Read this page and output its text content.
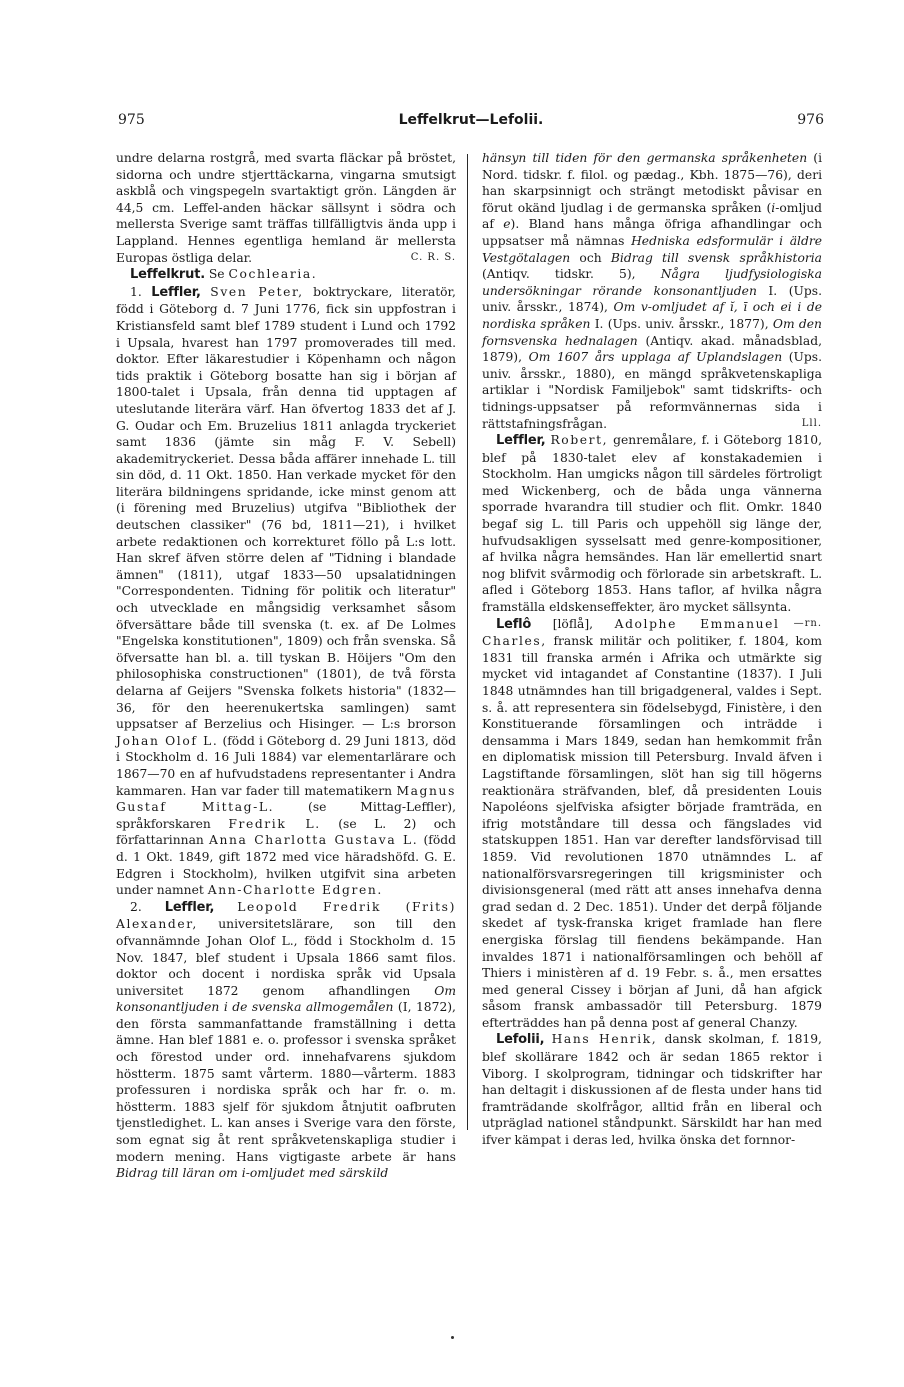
975	Leffelkrut—Lefolii.	976

undre delarna rostgrå, med svarta fläckar på bröstet, sidorna och undre stjerttäckarna, vingarna smutsigt askblå och vingspegeln svartaktigt grön. Längden är 44,5 cm. Leffel-anden häckar sällsynt i södra och mellersta Sverige samt träffas tillfälligtvis ända upp i Lappland. Hennes egentliga hemland är mellersta Europas östliga delar.	C. R. S.

Leffelkrut. Se Cochlearia.

1. Leffler, Sven Peter, boktryckare, literatör, född i Göteborg d. 7 Juni 1776, fick sin uppfostran i Kristiansfeld samt blef 1789 student i Lund och 1792 i Upsala, hvarest han 1797 promoverades till med. doktor. Efter läkarestudier i Köpenhamn och någon tids praktik i Göteborg bosatte han sig i början af 1800-talet i Upsala, från denna tid upptagen af uteslutande literära värf. Han öfvertog 1833 det af J. G. Oudar och Em. Bruzelius 1811 anlagda tryckeriet samt 1836 (jämte sin måg F. V. Sebell) akademitryckeriet. Dessa båda affärer innehade L. till sin död, d. 11 Okt. 1850. Han verkade mycket för den literära bildningens spridande, icke minst genom att (i förening med Bruzelius) utgifva "Bibliothek der deutschen classiker" (76 bd, 1811—21), i hvilket arbete redaktionen och korrekturet föllo på L:s lott. Han skref äfven större delen af "Tidning i blandade ämnen" (1811), utgaf 1833—50 upsalatidningen "Correspondenten. Tidning för politik och literatur" och utvecklade en mångsidig verksamhet såsom öfversättare både till svenska (t. ex. af De Lolmes "Engelska konstitutionen", 1809) och från svenska. Så öfversatte han bl. a. till tyskan B. Höijers "Om den philosophiska constructionen" (1801), de två första delarna af Geijers "Svenska folkets historia" (1832—36, för den heerenukertska samlingen) samt uppsatser af Berzelius och Hisinger. — L:s brorson Johan Olof L. (född i Göteborg d. 29 Juni 1813, död i Stockholm d. 16 Juli 1884) var elementarlärare och 1867—70 en af hufvudstadens representanter i Andra kammaren. Han var fader till matematikern Magnus Gustaf Mittag-L.	(se Mittag-Leffler), språkforskaren Fredrik L. (se L. 2) och författarinnan Anna Charlotta Gustava L. (född d. 1 Okt. 1849, gift 1872 med vice häradshöfd. G. E. Edgren i Stockholm), hvilken utgifvit sina arbeten under namnet Ann-Charlotte Edgren.

2. Leffler, Leopold Fredrik (Frits) Alexander, universitetslärare, son till den ofvannämnde Johan Olof L., född i Stockholm d. 15 Nov. 1847, blef student i Upsala 1866 samt filos. doktor och docent i nordiska språk vid Upsala universitet 1872 genom afhandlingen Om konsonantljuden i de svenska allmogemålen (I, 1872), den första sammanfattande framställning i detta ämne. Han blef 1881 e. o. professor i svenska språket och förestod under ord. innehafvarens sjukdom höstterm. 1875 samt vårterm. 1880—vårterm. 1883 professuren i nordiska språk och har fr. o. m. höstterm. 1883 sjelf för sjukdom åtnjutit oafbruten tjenstledighet. L. kan anses i Sverige vara den förste, som egnat sig åt rent språkvetenskapliga studier i modern mening. Hans vigtigaste arbete är hans Bidrag till läran om i-omljudet med särskild

hänsyn till tiden för den germanska språkenheten (i Nord. tidskr. f. filol. og pædag., Kbh. 1875—76), deri han skarpsinnigt och strängt metodiskt påvisar en förut okänd ljudlag i de germanska språken (i-omljud af e). Bland hans många öfriga afhandlingar och uppsatser må nämnas Hedniska edsformulär i äldre Vestgötalagen och Bidrag till svensk språkhistoria (Antiqv. tidskr. 5), Några ljudfysiologiska undersökningar rörande konsonantljuden I. (Ups. univ. årsskr., 1874), Om v-omljudet af ĭ, ī och ei i de nordiska språken I. (Ups. univ. årsskr., 1877), Om den fornsvenska hednalagen (Antiqv. akad. månadsblad, 1879), Om 1607 års upplaga af Uplandslagen (Ups. univ. årsskr., 1880), en mängd språkvetenskapliga artiklar i "Nordisk Familjebok" samt tidskrifts- och tidnings-uppsatser på reformvännernas sida i rättstafningsfrågan.	Lll.

Leffler, Robert, genremålare, f. i Göteborg 1810, blef på 1830-talet elev af konstakademien i Stockholm. Han umgicks någon till särdeles förtroligt med Wickenberg, och de båda unga vännerna sporrade hvarandra till studier och flit. Omkr. 1840 begaf sig L. till Paris och uppehöll sig länge der, hufvudsakligen sysselsatt med genre-kompositioner, af hvilka några hemsändes. Han lär emellertid snart nog blifvit svårmodig och förlorade sin arbetskraft. L. afled i Göteborg 1853. Hans taflor, af hvilka några framställa eldskenseffekter, äro mycket sällsynta.
—rn.

Leflô [löflå], Adolphe Emmanuel Charles, fransk militär och politiker, f. 1804, kom 1831 till franska armén i Afrika och utmärkte sig mycket vid intagandet af Constantine (1837). I Juli 1848 utnämndes han till brigadgeneral, valdes i Sept. s. å. att representera sin födelsebygd, Finistère, i den Konstituerande församlingen och inträdde i densamma i Mars 1849, sedan han hemkommit från en diplomatisk mission till Petersburg. Invald äfven i Lagstiftande församlingen, slöt han sig till högerns reaktionära sträfvanden, blef, då presidenten Louis Napoléons sjelfviska afsigter började framträda, en ifrig motståndare till dessa och fängslades vid statskuppen 1851. Han var derefter landsförvisad till 1859. Vid revolutionen 1870 utnämndes L. af nationalförsvarsregeringen till krigsminister och divisionsgeneral (med rätt att anses innehafva denna grad sedan d. 2 Dec. 1851). Under det derpå följande skedet af tysk-franska kriget framlade han flere energiska förslag till fiendens bekämpande. Han invaldes 1871 i nationalförsamlingen och behöll af Thiers i ministèren af d. 19 Febr. s. å., men ersattes med general Cissey i början af Juni, då han afgick såsom fransk ambassadör till Petersburg. 1879 efterträddes han på denna post af general Chanzy.

Lefolii, Hans Henrik, dansk skolman, f. 1819, blef skollärare 1842 och är sedan 1865 rektor i Viborg. I skolprogram, tidningar och tidskrifter har han deltagit i diskussionen af de flesta under hans tid framträdande skolfrågor, alltid från en liberal och utpräglad nationel ståndpunkt. Särskildt har han med ifver kämpat i deras led, hvilka önska det fornnor-
